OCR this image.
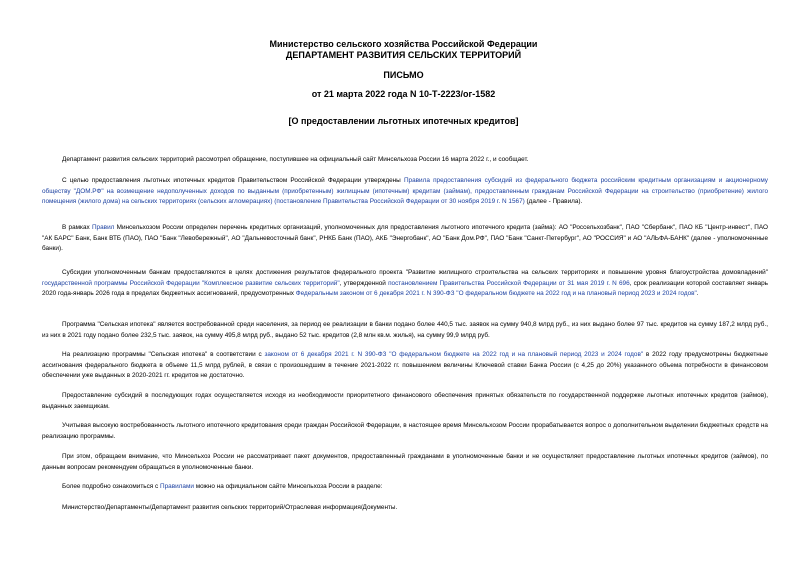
Министерство сельского хозяйства Российской Федерации
ДЕПАРТАМЕНТ РАЗВИТИЯ СЕЛЬСКИХ ТЕРРИТОРИЙ
ПИСЬМО
от 21 марта 2022 года N 10-Т-2223/ог-1582
[О предоставлении льготных ипотечных кредитов]

Департамент развития сельских территорий рассмотрел обращение, поступившее на официальный сайт Минсельхоза России 16 марта 2022 г., и сообщает.

С целью предоставления льготных ипотечных кредитов Правительством Российской Федерации утверждены Правила предоставления субсидий из федерального бюджета российским кредитным организациям и акционерному обществу "ДОМ.РФ" на возмещение недополученных доходов по выданным (приобретенным) жилищным (ипотечным) кредитам (займам), предоставленным гражданам Российской Федерации на строительство (приобретение) жилого помещения (жилого дома) на сельских территориях (сельских агломерациях) (постановление Правительства Российской Федерации от 30 ноября 2019 г. N 1567) (далее - Правила).

В рамках Правил Минсельхозом России определен перечень кредитных организаций, уполномоченных для предоставления льготного ипотечного кредита (займа): АО "Россельхозбанк", ПАО "Сбербанк", ПАО КБ "Центр-инвест", ПАО "АК БАРС" Банк, Банк ВТБ (ПАО), ПАО "Банк "Левобережный", АО "Дальневосточный банк", РНКБ Банк (ПАО), АКБ "Энергобанк", АО "Банк Дом.РФ", ПАО "Банк "Санкт-Петербург", АО "РОССИЯ" и АО "АЛЬФА-БАНК" (далее - уполномоченные банки).

Субсидии уполномоченным банкам предоставляются в целях достижения результатов федерального проекта "Развитие жилищного строительства на сельских территориях и повышение уровня благоустройства домовладений" государственной программы Российской Федерации "Комплексное развитие сельских территорий", утвержденной постановлением Правительства Российской Федерации от 31 мая 2019 г. N 696, срок реализации которой составляет январь 2020 года-январь 2026 года в пределах бюджетных ассигнований, предусмотренных Федеральным законом от 6 декабря 2021 г. N 390-ФЗ "О федеральном бюджете на 2022 год и на плановый период 2023 и 2024 годов".

Программа "Сельская ипотека" является востребованной среди населения, за период ее реализации в банки подано более 440,5 тыс. заявок на сумму 940,8 млрд руб., из них выдано более 97 тыс. кредитов на сумму 187,2 млрд руб., из них в 2021 году подано более 232,5 тыс. заявок, на сумму 495,8 млрд руб., выдано 52 тыс. кредитов (2,8 млн кв.м. жилья), на сумму 99,9 млрд руб.

На реализацию программы "Сельская ипотека" в соответствии с законом от 6 декабря 2021 г. N 390-ФЗ "О федеральном бюджете на 2022 год и на плановый период 2023 и 2024 годов" в 2022 году предусмотрены бюджетные ассигнования федерального бюджета в объеме 11,5 млрд рублей, в связи с произошедшим в течение 2021-2022 гг. повышением величины Ключевой ставки Банка России (с 4,25 до 20%) указанного объема потребности в финансовом обеспечении уже выданных в 2020-2021 гг. кредитов не достаточно.

Предоставление субсидий в последующих годах осуществляется исходя из необходимости приоритетного финансового обеспечения принятых обязательств по государственной поддержке льготных ипотечных кредитов (займов), выданных заемщикам.

Учитывая высокую востребованность льготного ипотечного кредитования среди граждан Российской Федерации, в настоящее время Минсельхозом России прорабатывается вопрос о дополнительном выделении бюджетных средств на реализацию программы.

При этом, обращаем внимание, что Минсельхоз России не рассматривает пакет документов, предоставленный гражданами в уполномоченные банки и не осуществляет предоставление льготных ипотечных кредитов (займов), по данным вопросам рекомендуем обращаться в уполномоченные банки.

Более подробно ознакомиться с Правилами можно на официальном сайте Минсельхоза России в разделе:

Министерство/Департаменты/Департамент развития сельских территорий/Отраслевая информация/Документы.
